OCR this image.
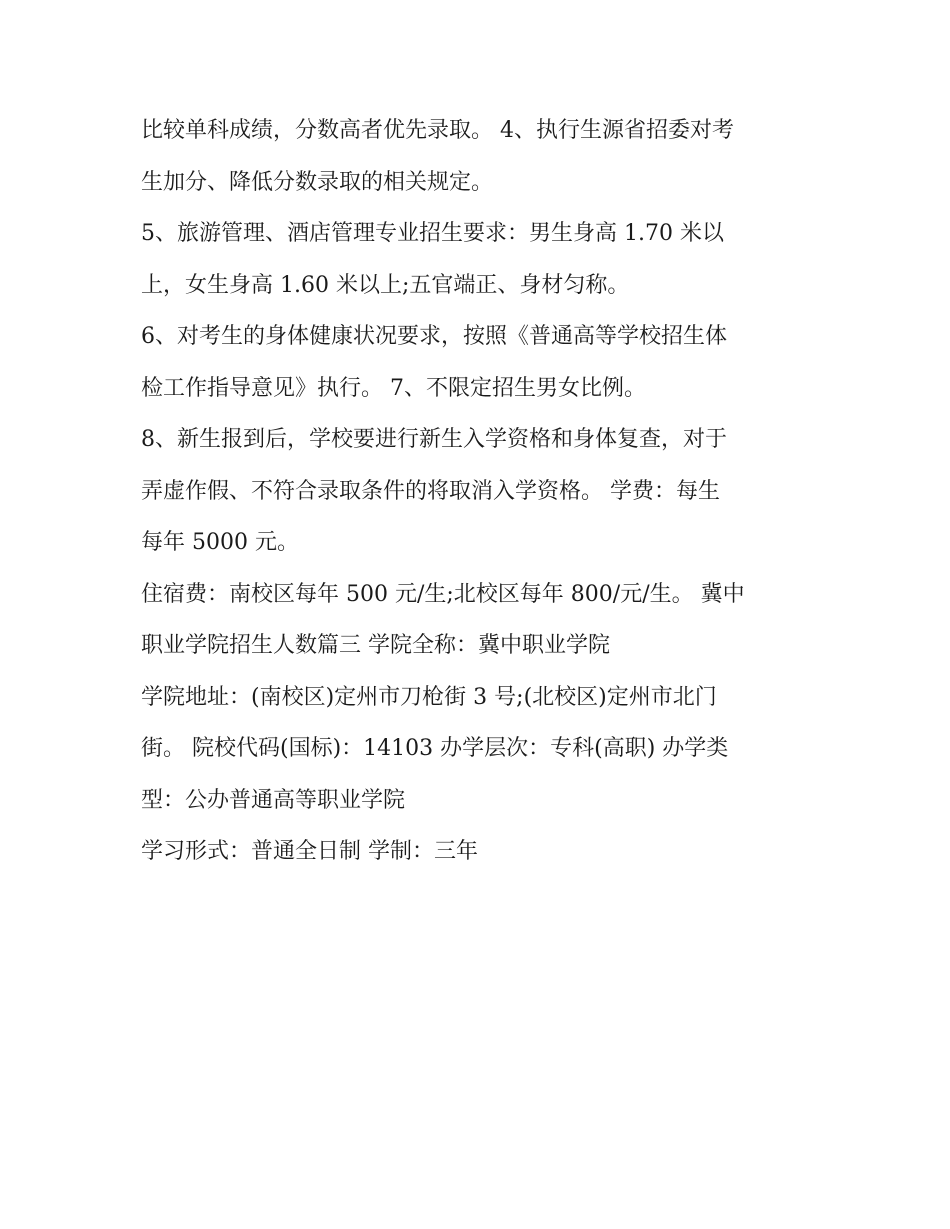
比较单科成绩，分数高者优先录取。 4、执行生源省招委对考
生加分、降低分数录取的相关规定。
5、旅游管理、酒店管理专业招生要求：男生身高 1.70 米以
上，女生身高 1.60 米以上;五官端正、身材匀称。
6、对考生的身体健康状况要求，按照《普通高等学校招生体
检工作指导意见》执行。 7、不限定招生男女比例。
8、新生报到后，学校要进行新生入学资格和身体复查，对于
弄虚作假、不符合录取条件的将取消入学资格。 学费：每生
每年 5000 元。
住宿费：南校区每年 500 元/生;北校区每年 800/元/生。 冀中
职业学院招生人数篇三 学院全称：冀中职业学院
学院地址：(南校区)定州市刀枪街 3 号;(北校区)定州市北门
街。 院校代码(国标)：14103 办学层次：专科(高职) 办学类
型：公办普通高等职业学院
学习形式：普通全日制 学制：三年
